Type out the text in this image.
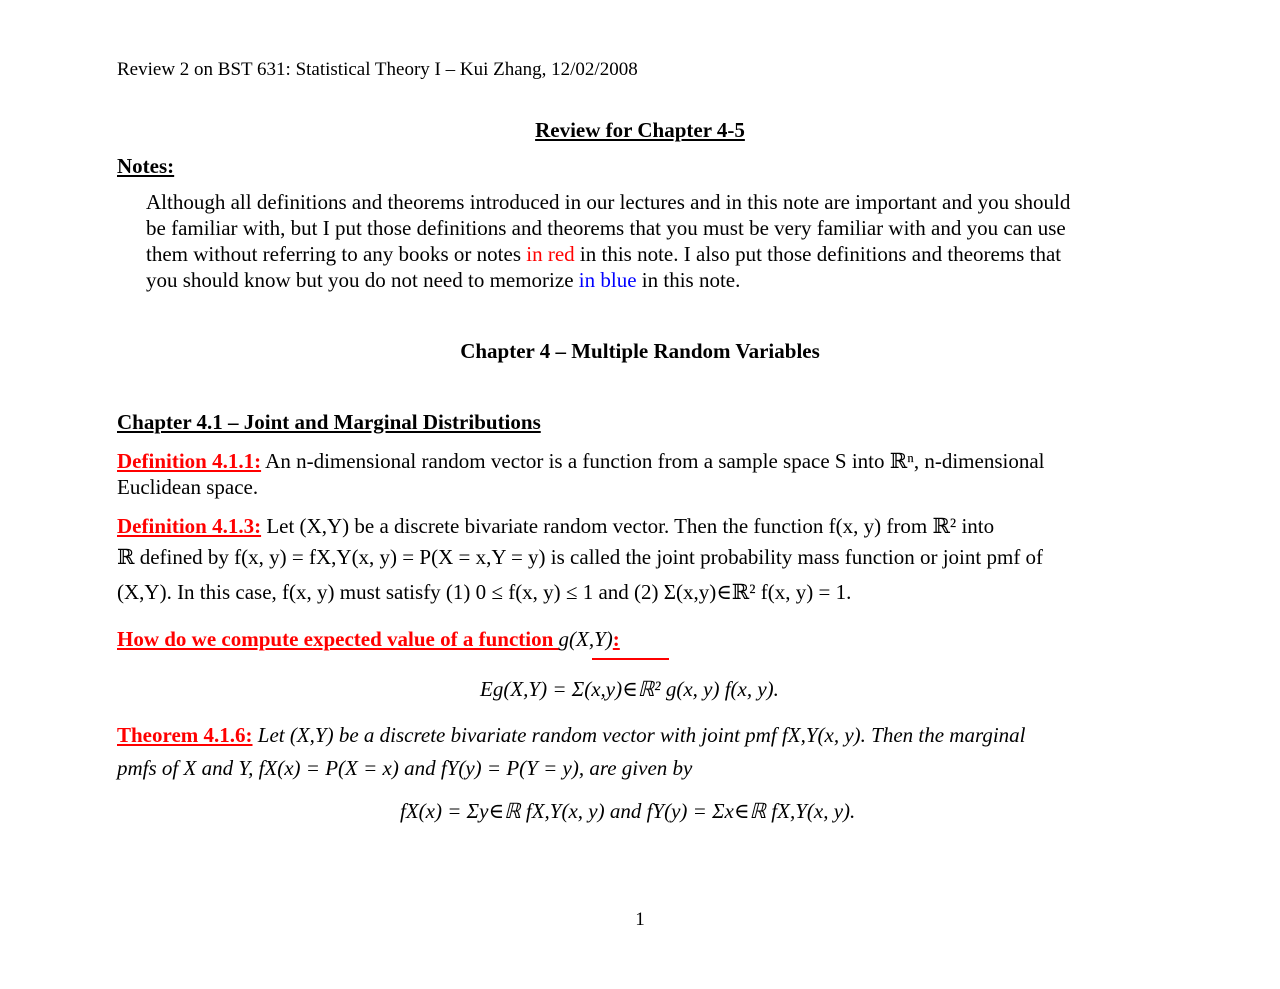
Review 2 on BST 631: Statistical Theory I – Kui Zhang, 12/02/2008
Review for Chapter 4-5
Notes:
Although all definitions and theorems introduced in our lectures and in this note are important and you should
be familiar with, but I put those definitions and theorems that you must be very familiar with and you can use
them without referring to any books or notes in red in this note. I also put those definitions and theorems that
you should know but you do not need to memorize in blue in this note.
Chapter 4 – Multiple Random Variables
Chapter 4.1 – Joint and Marginal Distributions
Definition 4.1.1: An n-dimensional random vector is a function from a sample space S into ℝⁿ, n-dimensional
Euclidean space.
Definition 4.1.3: Let (X,Y) be a discrete bivariate random vector. Then the function f(x, y) from ℝ² into
ℝ defined by f(x, y) = fX,Y(x, y) = P(X = x,Y = y) is called the joint probability mass function or joint pmf of
(X,Y). In this case, f(x, y) must satisfy (1) 0 ≤ f(x, y) ≤ 1 and (2) Σ(x,y)∈ℝ² f(x, y) = 1.
How do we compute expected value of a function g(X,Y):
Eg(X,Y) = Σ(x,y)∈ℝ² g(x, y) f(x, y).
Theorem 4.1.6: Let (X,Y) be a discrete bivariate random vector with joint pmf fX,Y(x, y). Then the marginal
pmfs of X and Y, fX(x) = P(X = x) and fY(y) = P(Y = y), are given by
fX(x) = Σy∈ℝ fX,Y(x, y) and fY(y) = Σx∈ℝ fX,Y(x, y).
1
